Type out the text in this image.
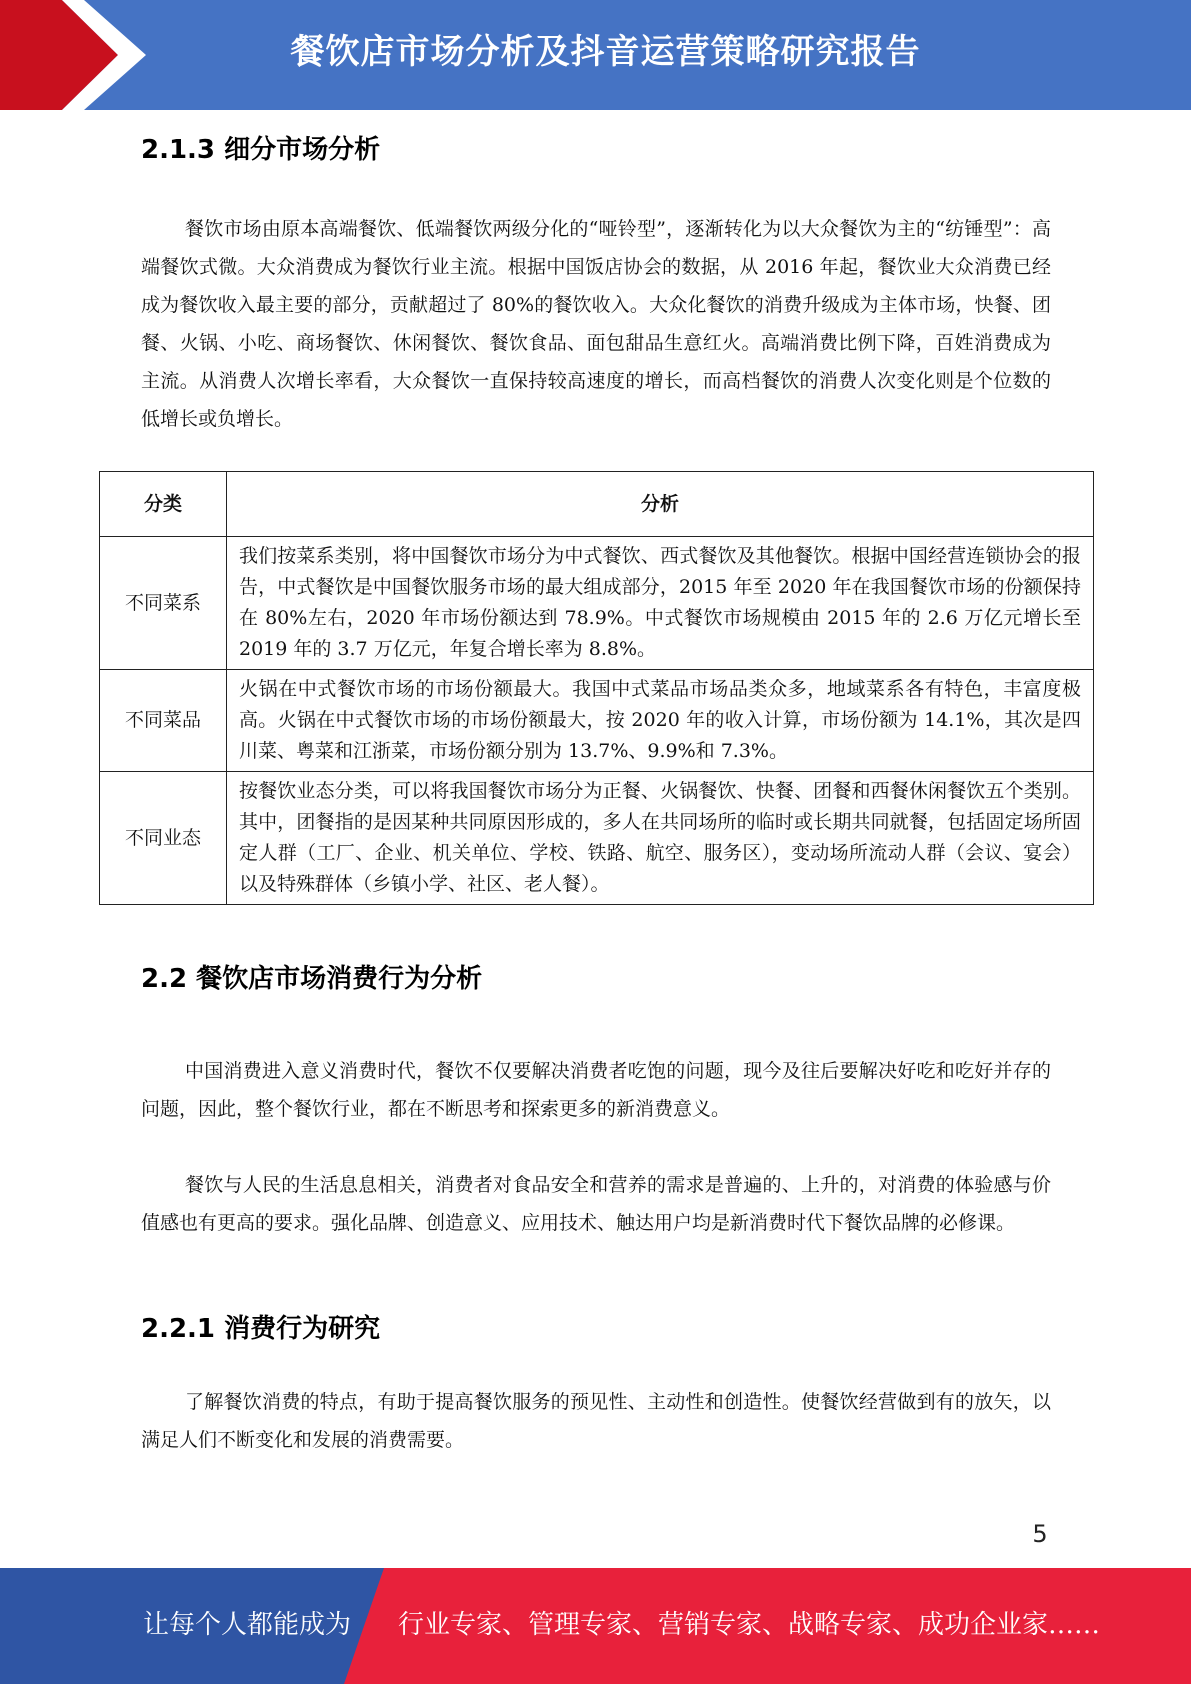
餐饮店市场分析及抖音运营策略研究报告
2.1.3 细分市场分析

餐饮市场由原本高端餐饮、低端餐饮两级分化的“哑铃型”，逐渐转化为以大众餐饮为主的“纺锤型”：高端餐饮式微。大众消费成为餐饮行业主流。根据中国饭店协会的数据，从 2016 年起，餐饮业大众消费已经成为餐饮收入最主要的部分，贡献超过了 80%的餐饮收入。大众化餐饮的消费升级成为主体市场，快餐、团餐、火锅、小吃、商场餐饮、休闲餐饮、餐饮食品、面包甜品生意红火。高端消费比例下降，百姓消费成为主流。从消费人次增长率看，大众餐饮一直保持较高速度的增长，而高档餐饮的消费人次变化则是个位数的低增长或负增长。

分类	分析
不同菜系	我们按菜系类别，将中国餐饮市场分为中式餐饮、西式餐饮及其他餐饮。根据中国经营连锁协会的报告，中式餐饮是中国餐饮服务市场的最大组成部分，2015 年至 2020 年在我国餐饮市场的份额保持在 80%左右，2020 年市场份额达到 78.9%。中式餐饮市场规模由 2015 年的 2.6 万亿元增长至 2019 年的 3.7 万亿元，年复合增长率为 8.8%。
不同菜品	火锅在中式餐饮市场的市场份额最大。我国中式菜品市场品类众多，地域菜系各有特色，丰富度极高。火锅在中式餐饮市场的市场份额最大，按 2020 年的收入计算，市场份额为 14.1%，其次是四川菜、粤菜和江浙菜，市场份额分别为 13.7%、9.9%和 7.3%。
不同业态	按餐饮业态分类，可以将我国餐饮市场分为正餐、火锅餐饮、快餐、团餐和西餐休闲餐饮五个类别。其中，团餐指的是因某种共同原因形成的，多人在共同场所的临时或长期共同就餐，包括固定场所固定人群（工厂、企业、机关单位、学校、铁路、航空、服务区），变动场所流动人群（会议、宴会）以及特殊群体（乡镇小学、社区、老人餐）。
2.2 餐饮店市场消费行为分析

中国消费进入意义消费时代，餐饮不仅要解决消费者吃饱的问题，现今及往后要解决好吃和吃好并存的问题，因此，整个餐饮行业，都在不断思考和探索更多的新消费意义。

餐饮与人民的生活息息相关，消费者对食品安全和营养的需求是普遍的、上升的，对消费的体验感与价值感也有更高的要求。强化品牌、创造意义、应用技术、触达用户均是新消费时代下餐饮品牌的必修课。

2.2.1 消费行为研究

了解餐饮消费的特点，有助于提高餐饮服务的预见性、主动性和创造性。使餐饮经营做到有的放矢，以满足人们不断变化和发展的消费需要。

5
让每个人都能成为 行业专家、管理专家、营销专家、战略专家、成功企业家……
